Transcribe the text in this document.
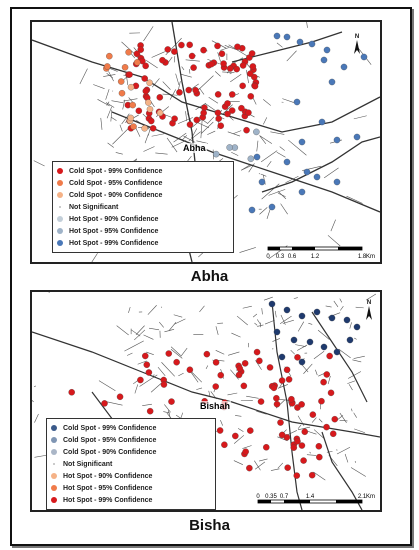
Abha
N
Cold Spot - 99% Confidence
Cold Spot - 95% Confidence
Cold Spot - 90% Confidence
Not Significant
Hot Spot - 90% Confidence
Hot Spot - 95% Confidence
Hot Spot - 99% Confidence
0 0.3 0.6 1.2	1.8 Km
Abha
Bishah
N
Cold Spot - 99% Confidence
Cold Spot - 95% Confidence
Cold Spot - 90% Confidence
Not Significant
Hot Spot - 90% Confidence
Hot Spot - 95% Confidence
Hot Spot - 99% Confidence	0 0.35 0.7	1.4	2.1 Km
Bisha
